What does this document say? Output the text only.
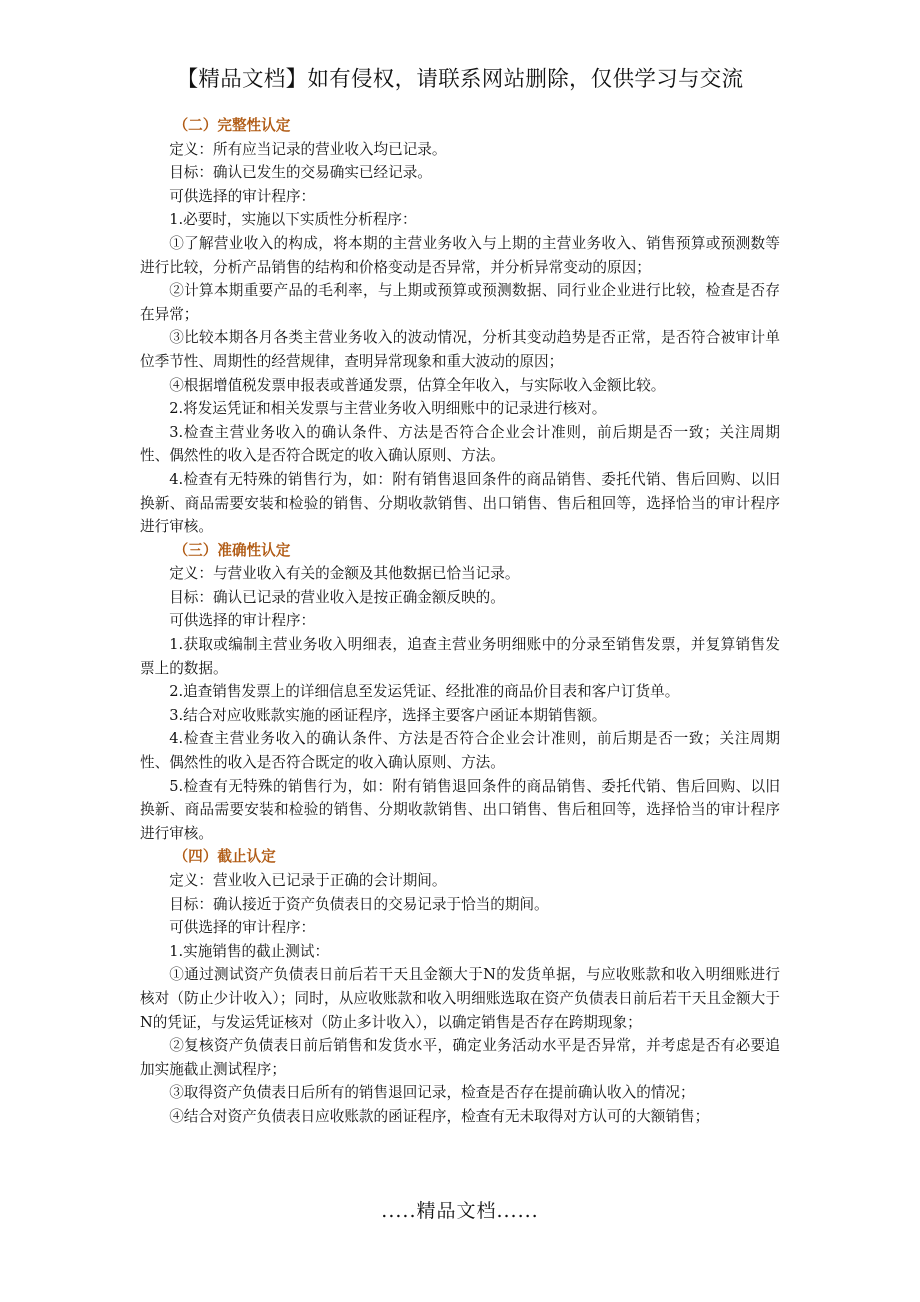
【精品文档】如有侵权，请联系网站删除，仅供学习与交流

（二）完整性认定

定义：所有应当记录的营业收入均已记录。

目标：确认已发生的交易确实已经记录。

可供选择的审计程序：

1.必要时，实施以下实质性分析程序：

①了解营业收入的构成，将本期的主营业务收入与上期的主营业务收入、销售预算或预测数等进行比较，分析产品销售的结构和价格变动是否异常，并分析异常变动的原因；

②计算本期重要产品的毛利率，与上期或预算或预测数据、同行业企业进行比较，检查是否存在异常；

③比较本期各月各类主营业务收入的波动情况，分析其变动趋势是否正常，是否符合被审计单位季节性、周期性的经营规律，查明异常现象和重大波动的原因；

④根据增值税发票申报表或普通发票，估算全年收入，与实际收入金额比较。

2.将发运凭证和相关发票与主营业务收入明细账中的记录进行核对。

3.检查主营业务收入的确认条件、方法是否符合企业会计准则，前后期是否一致；关注周期性、偶然性的收入是否符合既定的收入确认原则、方法。

4.检查有无特殊的销售行为，如：附有销售退回条件的商品销售、委托代销、售后回购、以旧换新、商品需要安装和检验的销售、分期收款销售、出口销售、售后租回等，选择恰当的审计程序进行审核。

（三）准确性认定

定义：与营业收入有关的金额及其他数据已恰当记录。

目标：确认已记录的营业收入是按正确金额反映的。

可供选择的审计程序：

1.获取或编制主营业务收入明细表，追查主营业务明细账中的分录至销售发票，并复算销售发票上的数据。

2.追查销售发票上的详细信息至发运凭证、经批准的商品价目表和客户订货单。

3.结合对应收账款实施的函证程序，选择主要客户函证本期销售额。

4.检查主营业务收入的确认条件、方法是否符合企业会计准则，前后期是否一致；关注周期性、偶然性的收入是否符合既定的收入确认原则、方法。

5.检查有无特殊的销售行为，如：附有销售退回条件的商品销售、委托代销、售后回购、以旧换新、商品需要安装和检验的销售、分期收款销售、出口销售、售后租回等，选择恰当的审计程序进行审核。

（四）截止认定

定义：营业收入已记录于正确的会计期间。

目标：确认接近于资产负债表日的交易记录于恰当的期间。

可供选择的审计程序：

1.实施销售的截止测试：

①通过测试资产负债表日前后若干天且金额大于N的发货单据，与应收账款和收入明细账进行核对（防止少计收入）；同时，从应收账款和收入明细账选取在资产负债表日前后若干天且金额大于N的凭证，与发运凭证核对（防止多计收入），以确定销售是否存在跨期现象；

②复核资产负债表日前后销售和发货水平，确定业务活动水平是否异常，并考虑是否有必要追加实施截止测试程序；

③取得资产负债表日后所有的销售退回记录，检查是否存在提前确认收入的情况；

④结合对资产负债表日应收账款的函证程序，检查有无未取得对方认可的大额销售；

.....精品文档......
